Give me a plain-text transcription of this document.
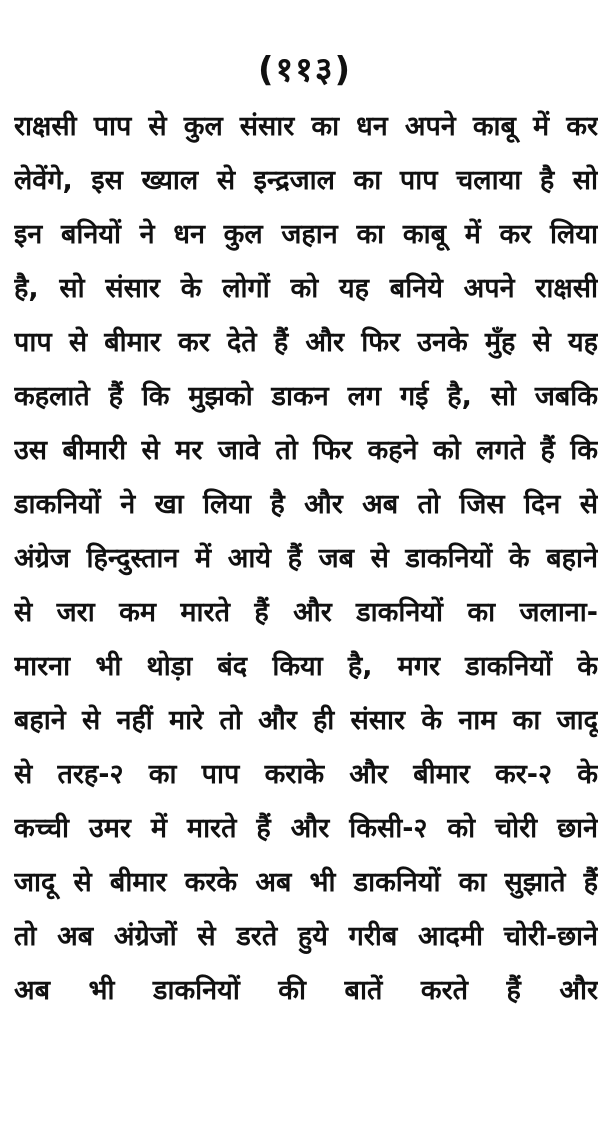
(११३)
राक्षसी पाप से कुल संसार का धन अपने काबू में कर
लेवेंगे, इस ख्याल से इन्द्रजाल का पाप चलाया है सो
इन बनियों ने धन कुल जहान का काबू में कर लिया
है, सो संसार के लोगों को यह बनिये अपने राक्षसी
पाप से बीमार कर देते हैं और फिर उनके मुँह से यह
कहलाते हैं कि मुझको डाकन लग गई है, सो जबकि
उस बीमारी से मर जावे तो फिर कहने को लगते हैं कि
डाकनियों ने खा लिया है और अब तो जिस दिन से
अंग्रेज हिन्दुस्तान में आये हैं जब से डाकनियों के बहाने
से जरा कम मारते हैं और डाकनियों का जलाना-
मारना भी थोड़ा बंद किया है, मगर डाकनियों के
बहाने से नहीं मारे तो और ही संसार के नाम का जादू
से तरह-२ का पाप कराके और बीमार कर-२ के
कच्ची उमर में मारते हैं और किसी-२ को चोरी छाने
जादू से बीमार करके अब भी डाकनियों का सुझाते हैं
तो अब अंग्रेजों से डरते हुये गरीब आदमी चोरी-छाने
अब भी डाकनियों की बातें करते हैं और
